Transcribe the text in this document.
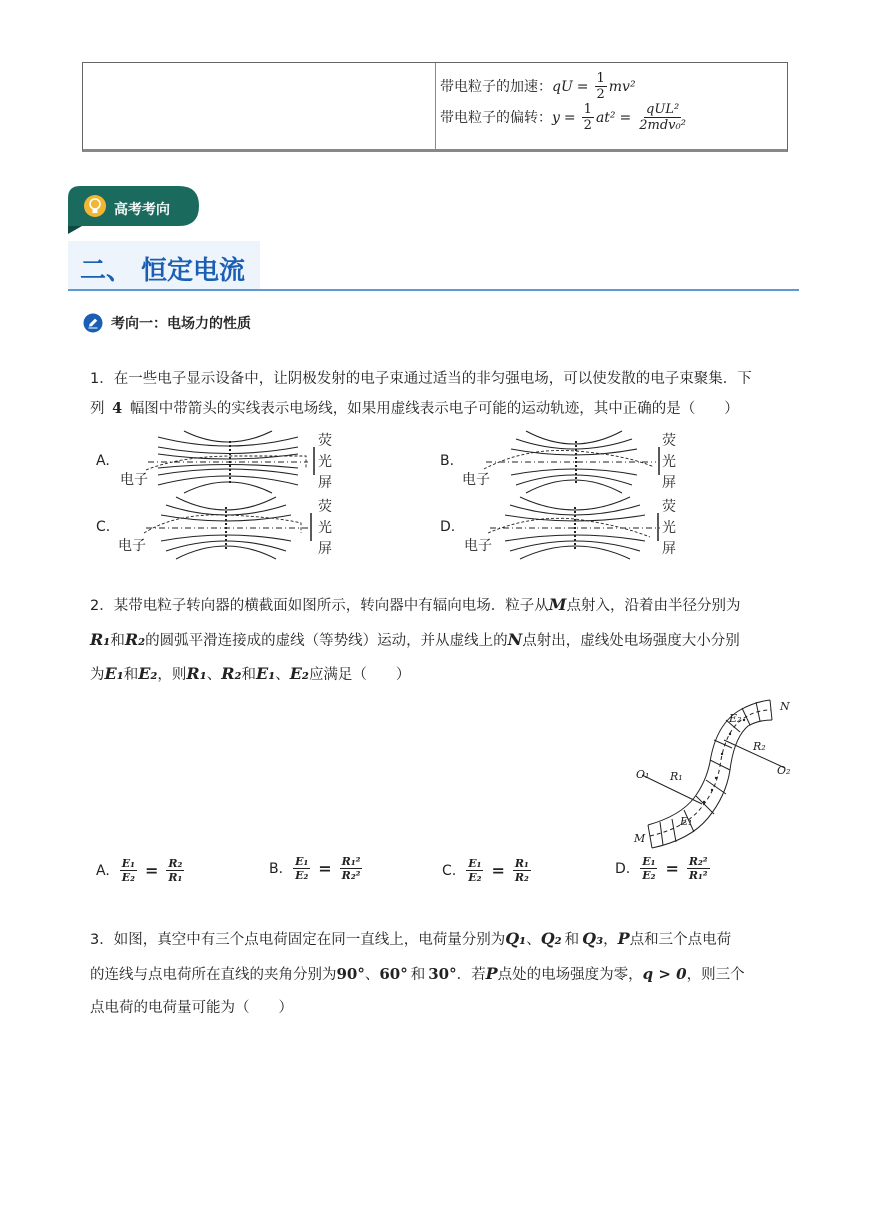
带电粒子的加速： qU = $\frac{1}{2} mv^2$
带电粒子的偏转： $y = \frac{1}{2} at^2 = \frac{\text{qUL²}}{\text{2mdv₀²}}$
高考考向
二、 恒定电流
考向一：电场力的性质
1．在一些电子显示设备中，让阴极发射的电子束通过适当的非匀强电场，可以使发散的电子束聚集．下
列 4 幅图中带箭头的实线表示电场线，如果用虚线表示电子可能的运动轨迹，其中正确的是（　　）
A.
电子
荧
光
屏
B.
电子
荧
光
屏
C.
电子
荧
光
屏
D.
电子
荧
光
屏
2．某带电粒子转向器的横截面如图所示，转向器中有辐向电场．粒子从M点射入，沿着由半径分别为
R₁和R₂的圆弧平滑连接成的虚线（等势线）运动，并从虚线上的N点射出，虚线处电场强度大小分别
为E₁和E₂，则R₁、R₂和E₁、E₂应满足（　　）
N
E₂
R₂
O₂
O₁ R₁
E₁
M
A. $\frac{\text{E₁}}{\text{E₂}} = \frac{\text{R₂}}{\text{R₁}}$	B. $\frac{\text{E₁}}{\text{E₂}} = \frac{\text{R₁²}}{\text{R₂²}}$	C. $\frac{\text{E₁}}{\text{E₂}} = \frac{\text{R₁}}{\text{R₂}}$	D. $\frac{\text{E₁}}{\text{E₂}} = \frac{\text{R₂²}}{\text{R₁²}}$
3．如图，真空中有三个点电荷固定在同一直线上，电荷量分别为Q₁、Q₂ 和 Q₃，P点和三个点电荷
的连线与点电荷所在直线的夹角分别为90°、60° 和 30°．若P点处的电场强度为零，q > 0，则三个
点电荷的电荷量可能为（　　）
